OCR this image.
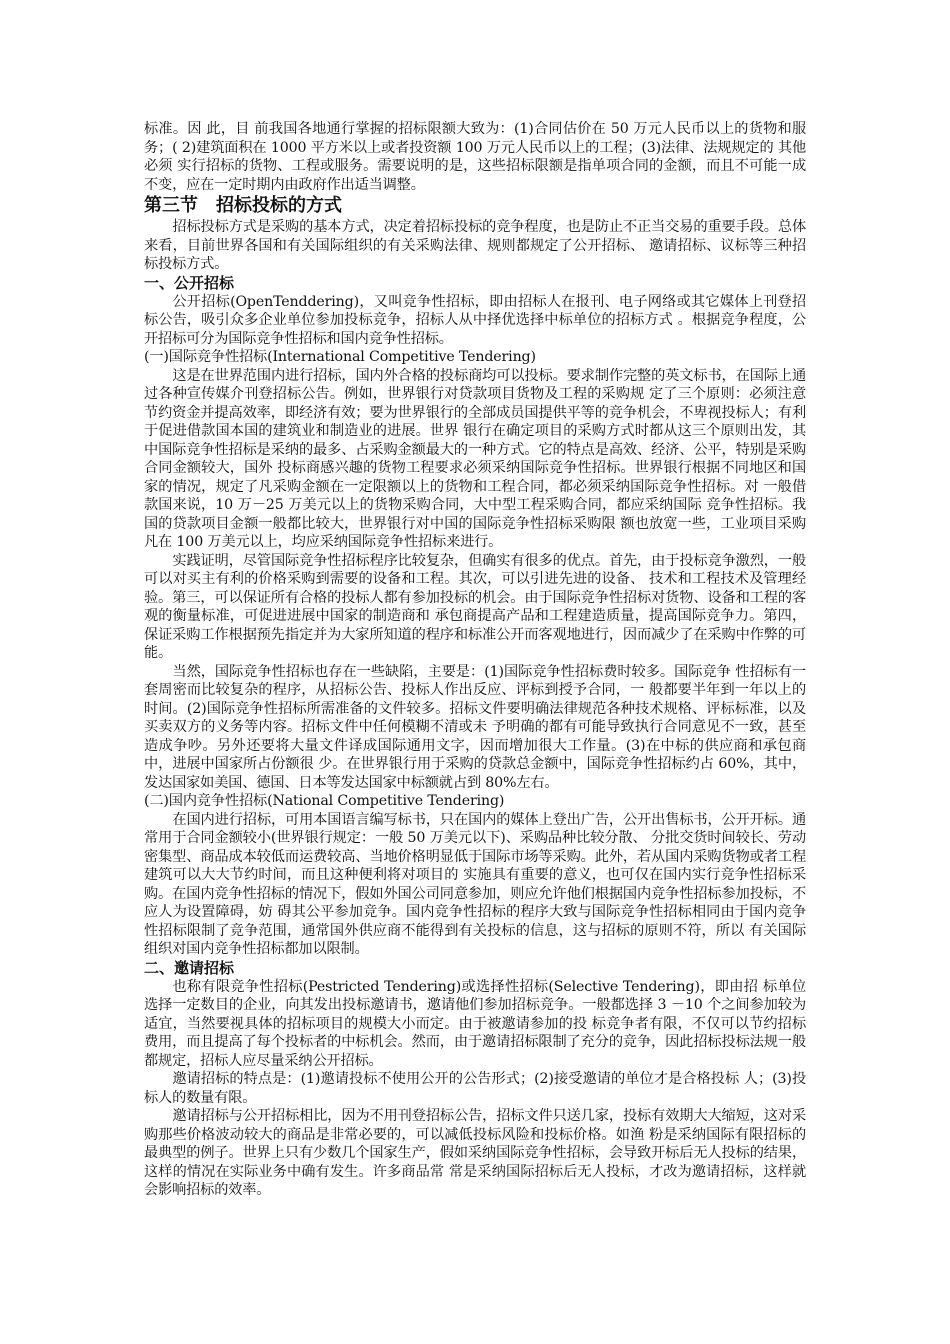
标准。因 此，目 前我国各地通行掌握的招标限额大致为：(1)合同估价在 50 万元人民币以上的货物和服务；( 2)建筑面积在 1000 平方米以上或者投资额 100 万元人民币以上的工程；(3)法律、法规规定的 其他必须 实行招标的货物、工程或服务。需要说明的是，这些招标限额是指单项合同的金额，而且不可能一成不变，应在一定时期内由政府作出适当调整。

第三节　招标投标的方式

招标投标方式是采购的基本方式，决定着招标投标的竞争程度，也是防止不正当交易的重要手段。总体来看，目前世界各国和有关国际组织的有关采购法律、规则都规定了公开招标、 邀请招标、议标等三种招标投标方式。

一、公开招标

公开招标(OpenTenddering)，又叫竞争性招标，即由招标人在报刊、电子网络或其它媒体上刊登招标公告，吸引众多企业单位参加投标竞争，招标人从中择优选择中标单位的招标方式 。根据竞争程度，公开招标可分为国际竞争性招标和国内竞争性招标。

(一)国际竞争性招标(International Competitive Tendering)

这是在世界范围内进行招标，国内外合格的投标商均可以投标。要求制作完整的英文标书，在国际上通过各种宣传媒介刊登招标公告。例如，世界银行对贷款项目货物及工程的采购规 定了三个原则：必须注意节约资金并提高效率，即经济有效；要为世界银行的全部成员国提供平等的竞争机会，不卑视投标人；有利于促进借款国本国的建筑业和制造业的进展。世界 银行在确定项目的采购方式时都从这三个原则出发，其中国际竞争性招标是采纳的最多、占采购金额最大的一种方式。它的特点是高效、经济、公平，特别是采购合同金额较大，国外 投标商感兴趣的货物工程要求必须采纳国际竞争性招标。世界银行根据不同地区和国家的情况，规定了凡采购金额在一定限额以上的货物和工程合同，都必须采纳国际竞争性招标。对 一般借款国来说，10 万－25 万美元以上的货物采购合同，大中型工程采购合同，都应采纳国际 竞争性招标。我国的贷款项目金额一般都比较大，世界银行对中国的国际竞争性招标采购限 额也放宽一些，工业项目采购凡在 100 万美元以上，均应采纳国际竞争性招标来进行。

实践证明，尽管国际竞争性招标程序比较复杂，但确实有很多的优点。首先，由于投标竞争激烈，一般可以对买主有利的价格采购到需要的设备和工程。其次，可以引进先进的设备、 技术和工程技术及管理经验。第三，可以保证所有合格的投标人都有参加投标的机会。由于国际竞争性招标对货物、设备和工程的客观的衡量标准，可促进进展中国家的制造商和 承包商提高产品和工程建造质量，提高国际竞争力。第四，保证采购工作根据预先指定并为大家所知道的程序和标准公开而客观地进行，因而减少了在采购中作弊的可能。

当然，国际竞争性招标也存在一些缺陷，主要是：(1)国际竞争性招标费时较多。国际竞争 性招标有一套周密而比较复杂的程序，从招标公告、投标人作出反应、评标到授予合同，一 般都要半年到一年以上的时间。(2)国际竞争性招标所需准备的文件较多。招标文件要明确法律规范各种技术规格、评标标准，以及买卖双方的义务等内容。招标文件中任何模糊不清或未 予明确的都有可能导致执行合同意见不一致，甚至造成争吵。另外还要将大量文件译成国际通用文字，因而增加很大工作量。(3)在中标的供应商和承包商中，进展中国家所占份额很 少。在世界银行用于采购的贷款总金额中，国际竞争性招标约占 60%，其中，发达国家如美国、德国、日本等发达国家中标额就占到 80%左右。

(二)国内竞争性招标(National Competitive Tendering)

在国内进行招标，可用本国语言编写标书，只在国内的媒体上登出广告，公开出售标书，公开开标。通常用于合同金额较小(世界银行规定：一般 50 万美元以下)、采购品种比较分散、 分批交货时间较长、劳动密集型、商品成本较低而运费较高、当地价格明显低于国际市场等采购。此外，若从国内采购货物或者工程建筑可以大大节约时间，而且这种便利将对项目的 实施具有重要的意义，也可仅在国内实行竞争性招标采购。在国内竞争性招标的情况下，假如外国公司同意参加，则应允许他们根据国内竞争性招标参加投标，不应人为设置障碍，妨 碍其公平参加竞争。国内竞争性招标的程序大致与国际竞争性招标相同由于国内竞争性招标限制了竞争范围，通常国外供应商不能得到有关投标的信息，这与招标的原则不符，所以 有关国际组织对国内竞争性招标都加以限制。

二、邀请招标

也称有限竞争性招标(Pestricted Tendering)或选择性招标(Selective Tendering)，即由招 标单位选择一定数目的企业，向其发出投标邀请书，邀请他们参加招标竞争。一般都选择 3 －10 个之间参加较为适宜，当然要视具体的招标项目的规模大小而定。由于被邀请参加的投 标竞争者有限，不仅可以节约招标费用，而且提高了每个投标者的中标机会。然而，由于邀请招标限制了充分的竞争，因此招标投标法规一般都规定，招标人应尽量采纳公开招标。

邀请招标的特点是：(1)邀请投标不使用公开的公告形式；(2)接受邀请的单位才是合格投标 人；(3)投标人的数量有限。

邀请招标与公开招标相比，因为不用刊登招标公告，招标文件只送几家，投标有效期大大缩短，这对采购那些价格波动较大的商品是非常必要的，可以减低投标风险和投标价格。如渔 粉是采纳国际有限招标的最典型的例子。世界上只有少数几个国家生产，假如采纳国际竞争性招标，会导致开标后无人投标的结果，这样的情况在实际业务中确有发生。许多商品常 常是采纳国际招标后无人投标，才改为邀请招标，这样就会影响招标的效率。
